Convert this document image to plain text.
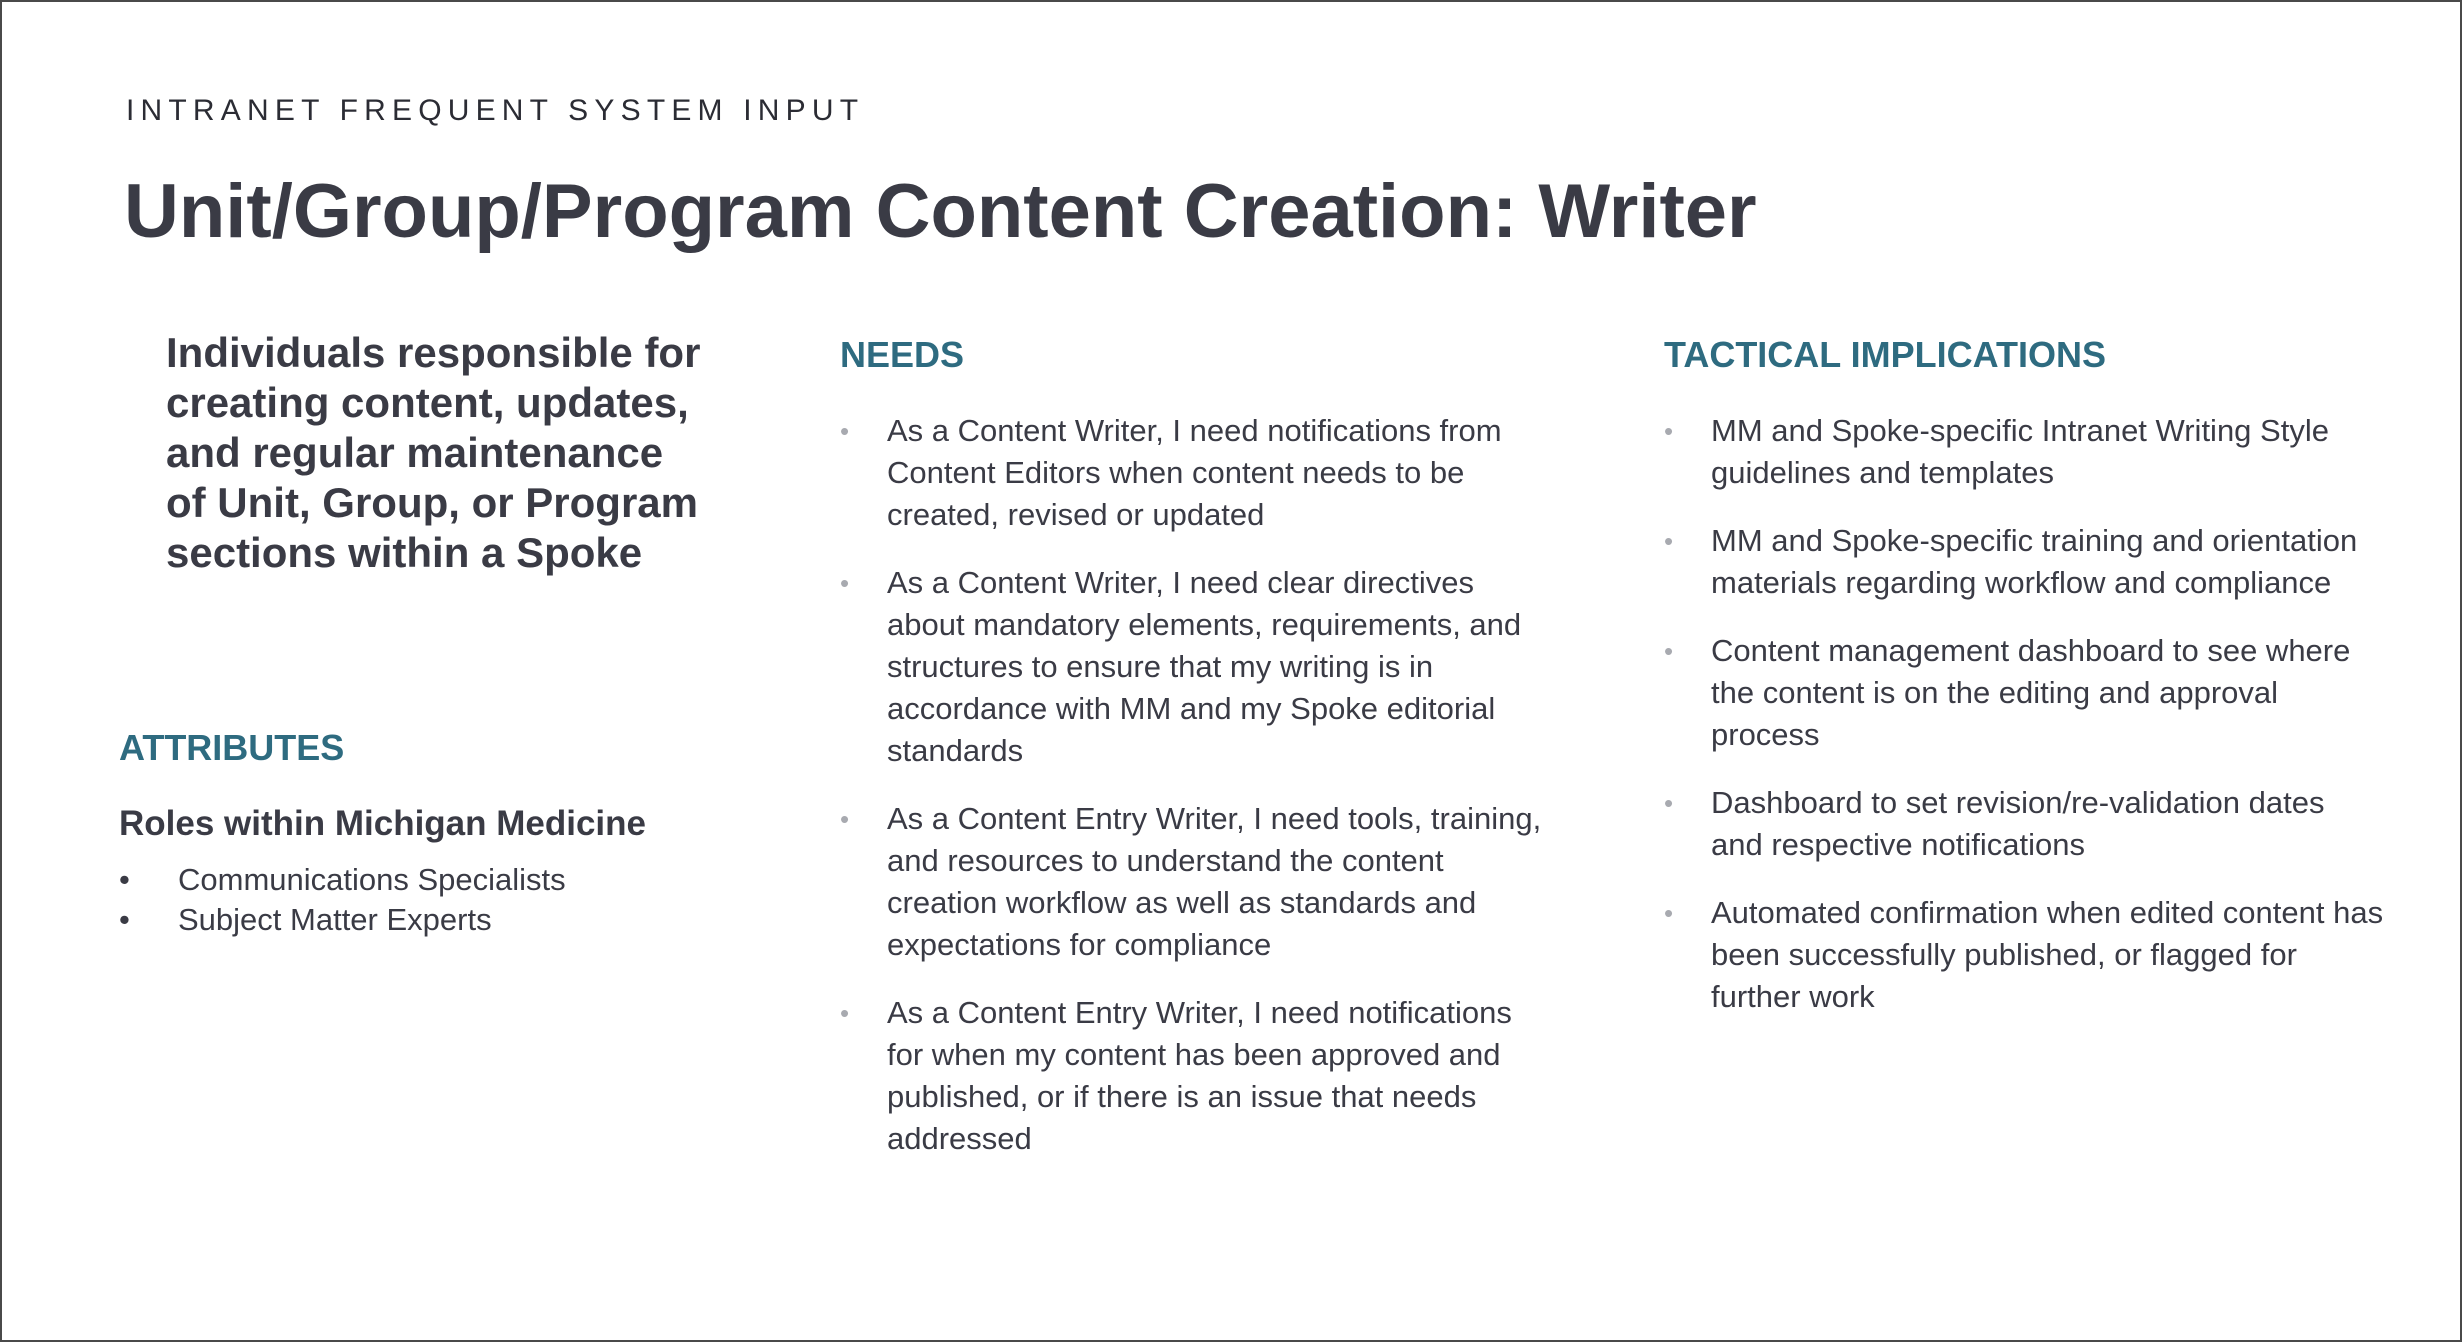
INTRANET FREQUENT SYSTEM INPUT
Unit/Group/Program Content Creation: Writer

Individuals responsible for creating content, updates, and regular maintenance of Unit, Group, or Program sections within a Spoke

ATTRIBUTES
Roles within Michigan Medicine
• Communications Specialists
• Subject Matter Experts
NEEDS
• As a Content Writer, I need notifications from Content Editors when content needs to be created, revised or updated
• As a Content Writer, I need clear directives about mandatory elements, requirements, and structures to ensure that my writing is in accordance with MM and my Spoke editorial standards
• As a Content Entry Writer, I need tools, training, and resources to understand the content creation workflow as well as standards and expectations for compliance
• As a Content Entry Writer, I need notifications for when my content has been approved and published, or if there is an issue that needs addressed
TACTICAL IMPLICATIONS
• MM and Spoke-specific Intranet Writing Style guidelines and templates
• MM and Spoke-specific training and orientation materials regarding workflow and compliance
• Content management dashboard to see where the content is on the editing and approval process
• Dashboard to set revision/re-validation dates and respective notifications
• Automated confirmation when edited content has been successfully published, or flagged for further work
